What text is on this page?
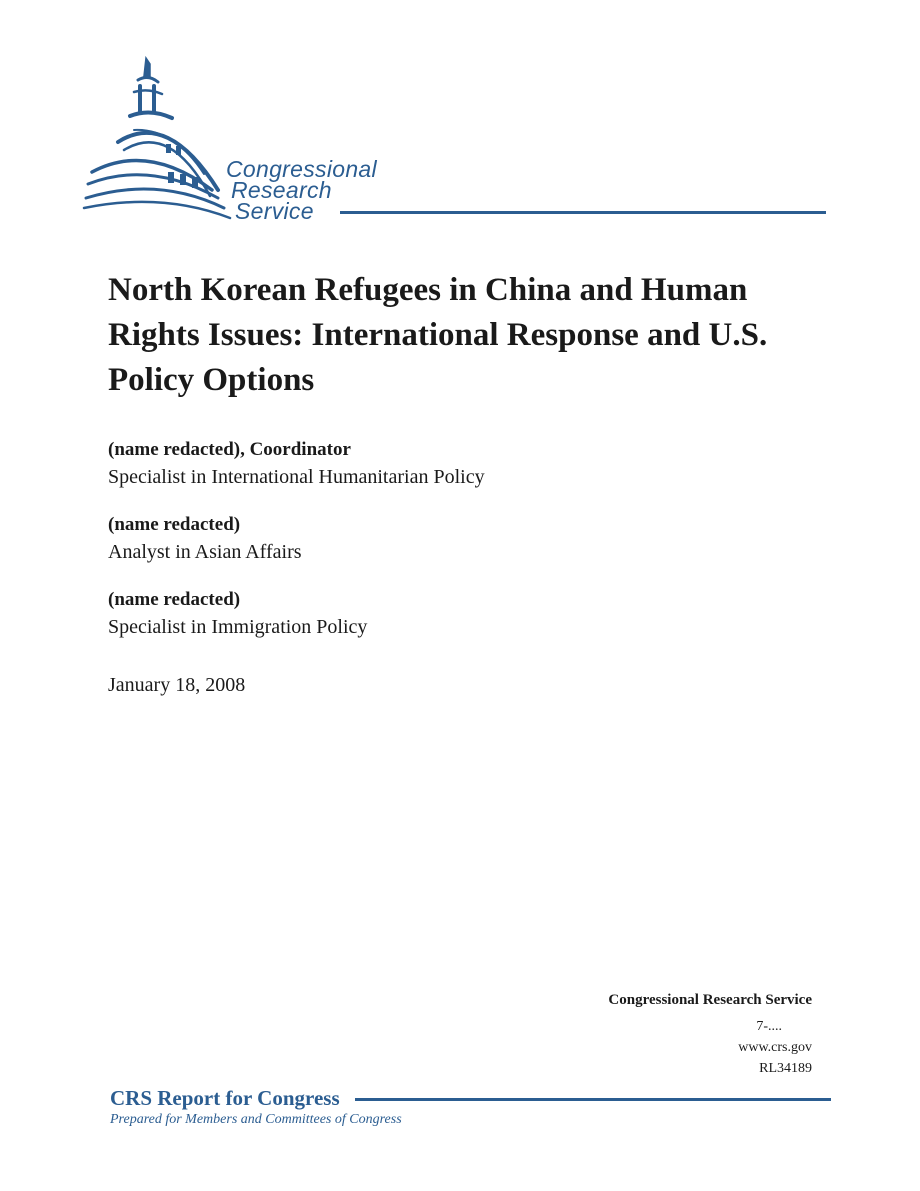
Congressional
Research
Service
North Korean Refugees in China and Human Rights Issues: International Response and U.S. Policy Options
(name redacted), Coordinator
Specialist in International Humanitarian Policy
(name redacted)
Analyst in Asian Affairs
(name redacted)
Specialist in Immigration Policy
January 18, 2008
Congressional Research Service
7-....
www.crs.gov
RL34189
CRS Report for Congress
Prepared for Members and Committees of Congress
